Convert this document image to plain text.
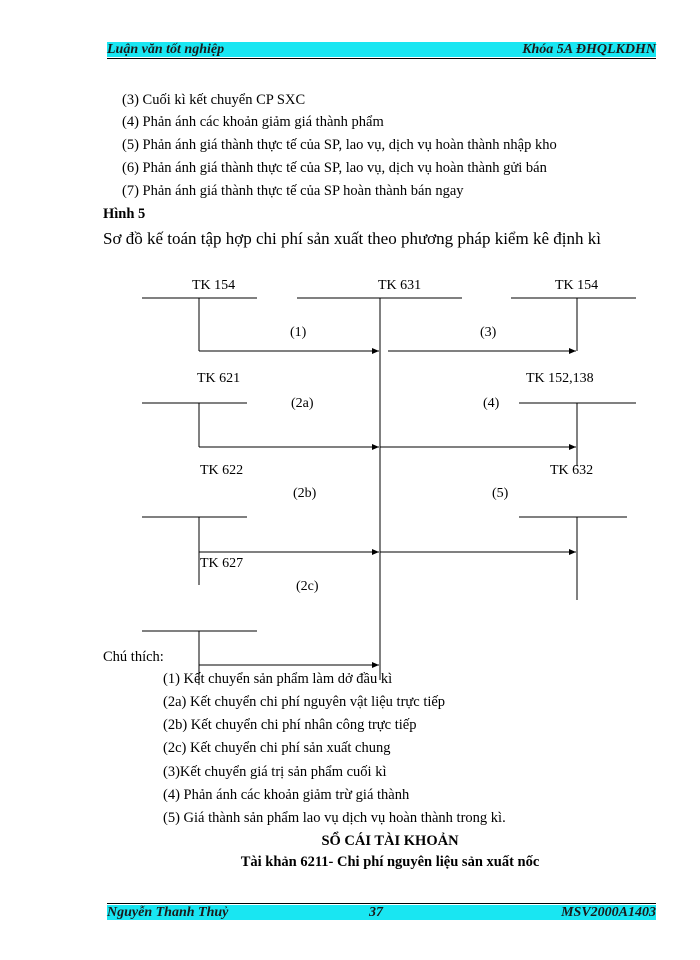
Luận văn tốt nghiệp	Khóa 5A ĐHQLKDHN
(3) Cuối kì kết chuyển CP SXC
(4) Phản ánh các khoản giảm giá thành phẩm
(5) Phản ánh giá thành thực tế của SP, lao vụ, dịch vụ hoàn thành nhập kho
(6) Phản ánh giá thành thực tế của SP, lao vụ, dịch vụ hoàn thành gửi bán
(7) Phản ánh giá thành thực tế của SP hoàn thành bán ngay
Hình 5
Sơ đồ kế toán tập hợp chi phí sản xuất theo phương pháp kiểm kê định kì
TK 154	TK 631	TK 154
TK 621	TK 152,138
TK 622	TK 632
TK 627
(1)	(3)
(2a)	(4)
(2b)	(5)
(2c)
Chú thích:
(1) Kết chuyển sản phẩm làm dở đầu kì
(2a) Kết chuyển chi phí nguyên vật liệu trực tiếp
(2b) Kết chuyển chi phí nhân công trực tiếp
(2c) Kết chuyển chi phí sản xuất chung
(3)Kết chuyển giá trị sản phẩm cuối kì
(4) Phản ánh các khoản giảm trừ giá thành
(5) Giá thành sản phẩm lao vụ dịch vụ hoàn thành trong kì.
SỔ CÁI TÀI KHOẢN
Tài khản 6211- Chi phí nguyên liệu sản xuất nốc
Nguyễn Thanh Thuỷ	37	MSV2000A1403
